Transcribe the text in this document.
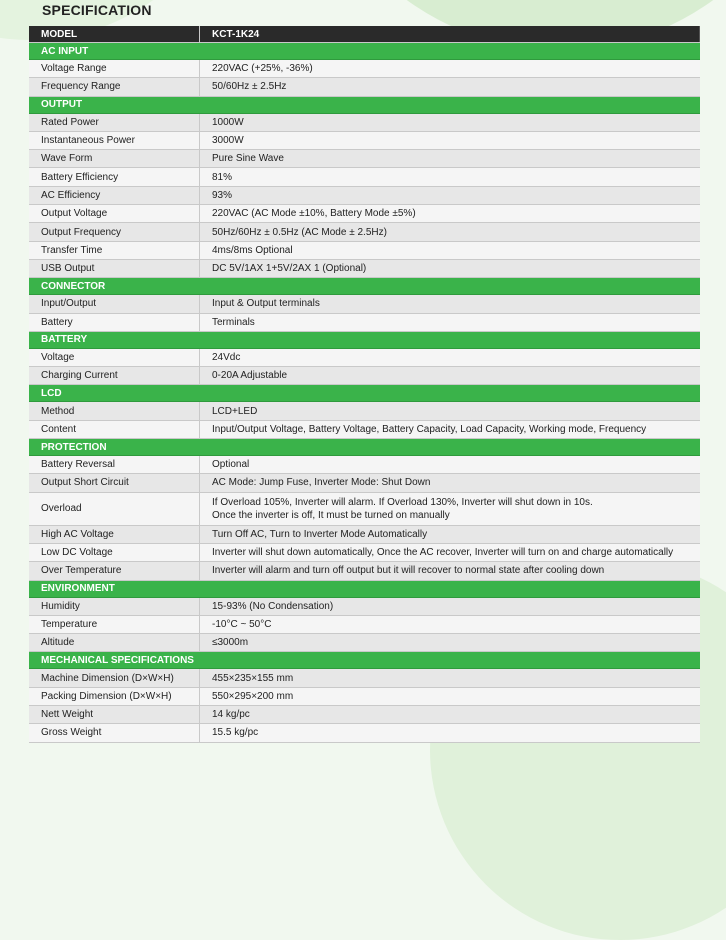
SPECIFICATION
MODEL	KCT-1K24
AC INPUT	
Voltage Range	220VAC (+25%, -36%)
Frequency Range	50/60Hz ± 2.5Hz
OUTPUT	
Rated Power	1000W
Instantaneous Power	3000W
Wave Form	Pure Sine Wave
Battery Efficiency	81%
AC Efficiency	93%
Output Voltage	220VAC (AC Mode ±10%, Battery Mode ±5%)
Output Frequency	50Hz/60Hz ± 0.5Hz (AC Mode ± 2.5Hz)
Transfer Time	4ms/8ms Optional
USB Output	DC 5V/1AX 1+5V/2AX 1 (Optional)
CONNECTOR	
Input/Output	Input & Output terminals
Battery	Terminals
BATTERY	
Voltage	24Vdc
Charging Current	0-20A Adjustable
LCD	
Method	LCD+LED
Content	Input/Output Voltage, Battery Voltage, Battery Capacity, Load Capacity, Working mode, Frequency
PROTECTION	
Battery Reversal	Optional
Output Short Circuit	AC Mode: Jump Fuse, Inverter Mode: Shut Down
Overload	If Overload 105%, Inverter will alarm. If Overload 130%, Inverter will shut down in 10s.
Once the inverter is off, It must be turned on manually

High AC Voltage	Turn Off AC, Turn to Inverter Mode Automatically
Low DC Voltage	Inverter will shut down automatically, Once the AC recover, Inverter will turn on and charge automatically
Over Temperature	Inverter will alarm and turn off output but it will recover to normal state after cooling down
ENVIRONMENT	
Humidity	15-93% (No Condensation)
Temperature	-10°C ~ 50°C
Altitude	≤3000m
MECHANICAL SPECIFICATIONS	
Machine Dimension (D×W×H)	455×235×155 mm
Packing Dimension (D×W×H)	550×295×200 mm
Nett Weight	14 kg/pc
Gross Weight	15.5 kg/pc
